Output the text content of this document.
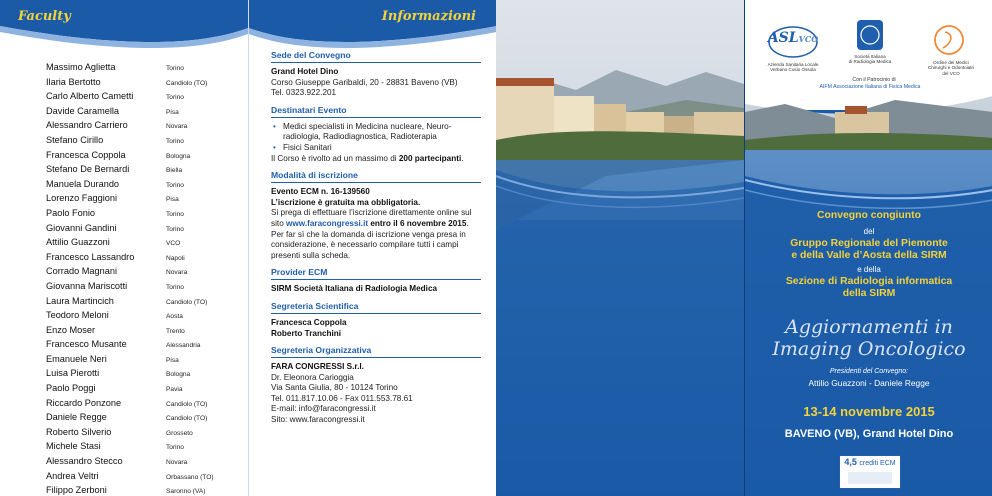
Faculty
Massimo Aglietta	Torino
Ilaria Bertotto	Candiolo (TO)
Carlo Alberto Cametti	Torino
Davide Caramella	Pisa
Alessandro Carriero	Novara
Stefano Cirillo	Torino
Francesca Coppola	Bologna
Stefano De Bernardi	Biella
Manuela Durando	Torino
Lorenzo Faggioni	Pisa
Paolo Fonio	Torino
Giovanni Gandini	Torino
Attilio Guazzoni	VCO
Francesco Lassandro	Napoli
Corrado Magnani	Novara
Giovanna Mariscotti	Torino
Laura Martincich	Candiolo (TO)
Teodoro Meloni	Aosta
Enzo Moser	Trento
Francesco Musante	Alessandria
Emanuele Neri	Pisa
Luisa Pierotti	Bologna
Paolo Poggi	Pavia
Riccardo Ponzone	Candiolo (TO)
Daniele Regge	Candiolo (TO)
Roberto Silverio	Grosseto
Michele Stasi	Torino
Alessandro Stecco	Novara
Andrea Veltri	Orbassano (TO)
Filippo Zerboni	Saronno (VA)
Informazioni
Sede del Convegno

Grand Hotel Dino

Corso Giuseppe Garibaldi, 20 - 28831 Baveno (VB)

Tel. 0323.922.201

Destinatari Evento
• Medici specialisti in Medicina nucleare, Neuro-radiologia, Radiodiagnostica, Radioterapia
• Fisici Sanitari

Il Corso è rivolto ad un massimo di 200 partecipanti.

Modalità di iscrizione

Evento ECM n. 16-139560

L’iscrizione è gratuita ma obbligatoria.

Si prega di effettuare l’iscrizione direttamente online sul sito www.faracongressi.it entro il 6 novembre 2015. Per far sì che la domanda di iscrizione venga presa in considerazione, è necessario compilare tutti i campi presenti sulla scheda.

Provider ECM

SIRM Società Italiana di Radiologia Medica

Segreteria Scientifica

Francesca Coppola

Roberto Tranchini

Segreteria Organizzativa

FARA CONGRESSI S.r.l.

Dr. Eleonora Carioggia

Via Santa Giulia, 80 - 10124 Torino

Tel. 011.817.10.06 - Fax 011.553.78.61

E-mail: info@faracongressi.it

Sito: www.faracongressi.it

ASLVCO
Azienda Sanitaria Locale
Verbano Cusio Ossola
Società Italiana
di Radiologia Medica	Ordine dei Medici
Chirurghi e Odontoiatri
del VCO
Con il Patrocinio di
AIFM Associazione Italiana di Fisica Medica
Convegno congiunto
del
Gruppo Regionale del Piemonte
e della Valle d’Aosta della SIRM
e della
Sezione di Radiologia informatica
della SIRM
Aggiornamenti in
Imaging Oncologico
Presidenti del Convegno:
Attilio Guazzoni - Daniele Regge
13-14 novembre 2015
BAVENO (VB), Grand Hotel Dino
4,5 crediti ECM
